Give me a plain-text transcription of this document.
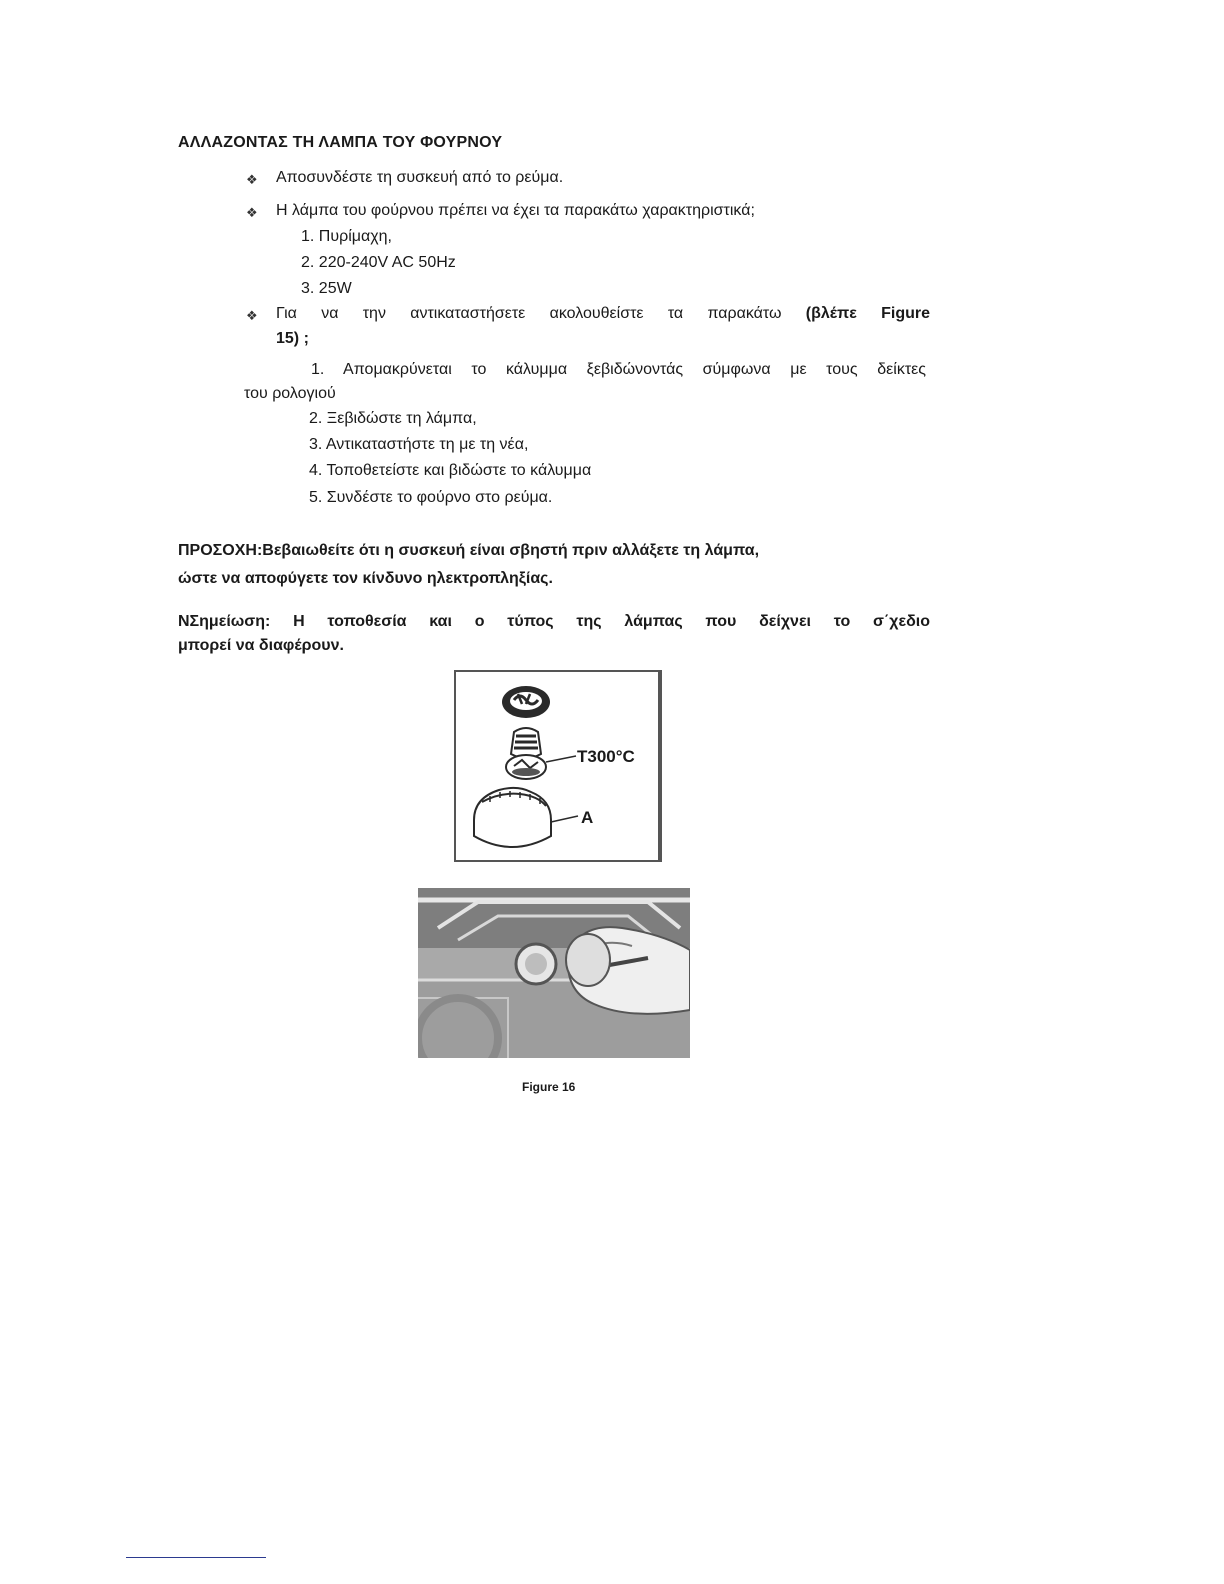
ΑΛΛΑΖΟΝΤΑΣ ΤΗ ΛΑΜΠΑ ΤΟΥ ΦΟΥΡΝΟΥ
❖ Αποσυνδέστε τη συσκευή από το ρεύμα.
❖ Η λάμπα του φούρνου πρέπει να έχει τα παρακάτω χαρακτηριστικά;
1. Πυρίμαχη,
2. 220-240V AC 50Hz
3. 25W
❖ Για να την αντικαταστήσετε ακολουθείστε τα παρακάτω (βλέπε Figure
15) ;
1. Απομακρύνεται το κάλυμμα ξεβιδώνοντάς σύμφωνα με τους δείκτες
του ρολογιού
2. Ξεβιδώστε τη λάμπα,
3. Αντικαταστήστε τη με τη νέα,
4. Τοποθετείστε και βιδώστε το κάλυμμα
5. Συνδέστε το φούρνο στο ρεύμα.
ΠΡΟΣΟΧΗ:Βεβαιωθείτε ότι η συσκευή είναι σβηστή πριν αλλάξετε τη λάμπα,
ώστε να αποφύγετε τον κίνδυνο ηλεκτροπληξίας.
ΝΣημείωση: Η τοποθεσία και ο τύπος της λάμπας που δείχνει το σ΄χεδιο
μπορεί να διαφέρουν.
T300°C
A
Figure 16
